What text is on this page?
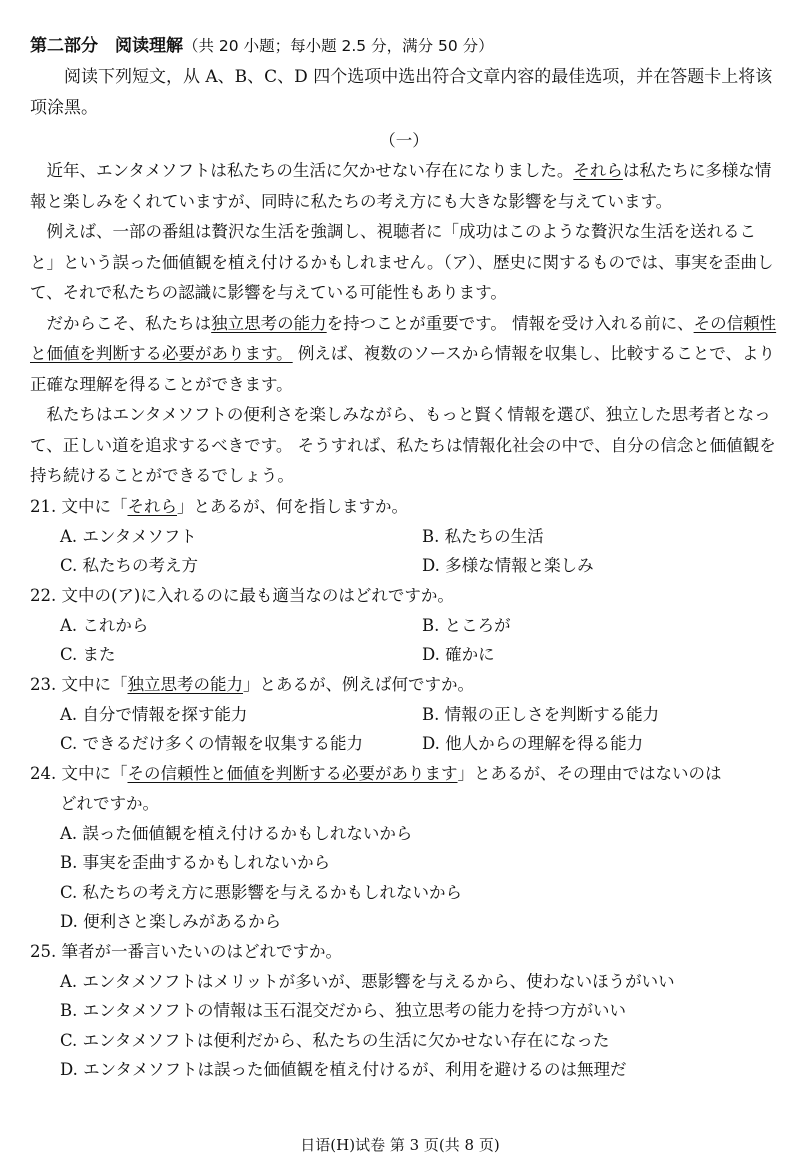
第二部分　阅读理解（共 20 小题；每小题 2.5 分，满分 50 分）
阅读下列短文，从 A、B、C、D 四个选项中选出符合文章内容的最佳选项，并在答题卡上将该项涂黑。
（一）

近年、エンタメソフトは私たちの生活に欠かせない存在になりました。それらは私たちに多様な情報と楽しみをくれていますが、同時に私たちの考え方にも大きな影響を与えています。

例えば、一部の番組は贅沢な生活を強調し、視聴者に「成功はこのような贅沢な生活を送れること」という誤った価値観を植え付けるかもしれません。（ア）、歴史に関するものでは、事実を歪曲して、それで私たちの認識に影響を与えている可能性もあります。

だからこそ、私たちは独立思考の能力を持つことが重要です。 情報を受け入れる前に、その信頼性と価値を判断する必要があります。 例えば、複数のソースから情報を収集し、比較することで、より正確な理解を得ることができます。

私たちはエンタメソフトの便利さを楽しみながら、もっと賢く情報を選び、独立した思考者となって、正しい道を追求するべきです。 そうすれば、私たちは情報化社会の中で、自分の信念と価値観を持ち続けることができるでしょう。

21. 文中に「それら」とあるが、何を指しますか。

A. エンタメソフト	B. 私たちの生活
C. 私たちの考え方	D. 多様な情報と楽しみ

22. 文中の(ア)に入れるのに最も適当なのはどれですか。

A. これから	B. ところが
C. また	D. 確かに

23. 文中に「独立思考の能力」とあるが、例えば何ですか。

A. 自分で情報を探す能力	B. 情報の正しさを判断する能力
C. できるだけ多くの情報を収集する能力	D. 他人からの理解を得る能力

24. 文中に「その信頼性と価値を判断する必要があります」とあるが、その理由ではないのは

どれですか。
A. 誤った価値観を植え付けるかもしれないから
B. 事実を歪曲するかもしれないから
C. 私たちの考え方に悪影響を与えるかもしれないから
D. 便利さと楽しみがあるから

25. 筆者が一番言いたいのはどれですか。

A. エンタメソフトはメリットが多いが、悪影響を与えるから、使わないほうがいい
B. エンタメソフトの情報は玉石混交だから、独立思考の能力を持つ方がいい
C. エンタメソフトは便利だから、私たちの生活に欠かせない存在になった
D. エンタメソフトは誤った価値観を植え付けるが、利用を避けるのは無理だ
日语(H)试卷 第 3 页(共 8 页)
